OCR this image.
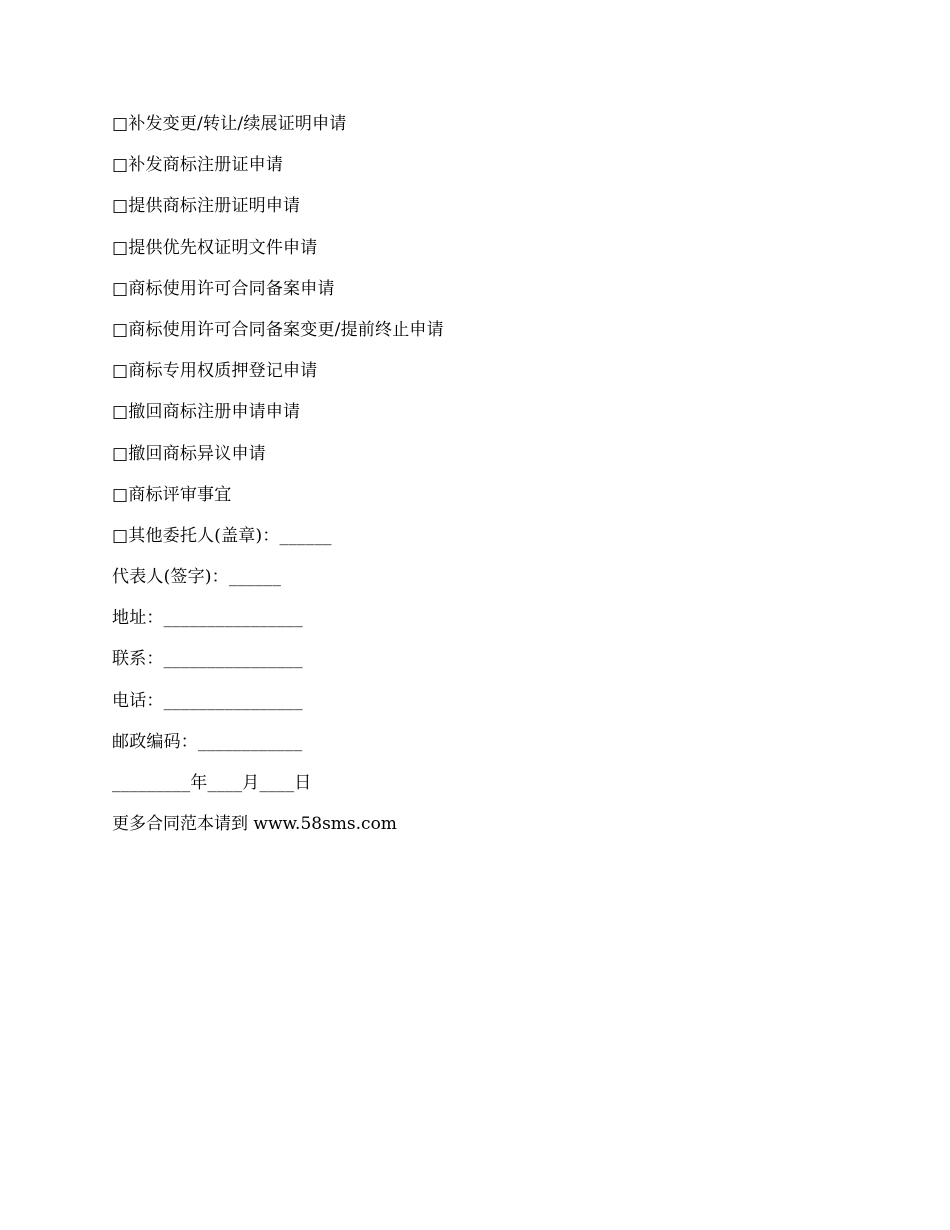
□补发变更/转让/续展证明申请
□补发商标注册证申请
□提供商标注册证明申请
□提供优先权证明文件申请
□商标使用许可合同备案申请
□商标使用许可合同备案变更/提前终止申请
□商标专用权质押登记申请
□撤回商标注册申请申请
□撤回商标异议申请
□商标评审事宜
□其他委托人(盖章)：______
代表人(签字)：______
地址：________________
联系：________________
电话：________________
邮政编码：____________
_________年____月____日
更多合同范本请到 www.58sms.com
